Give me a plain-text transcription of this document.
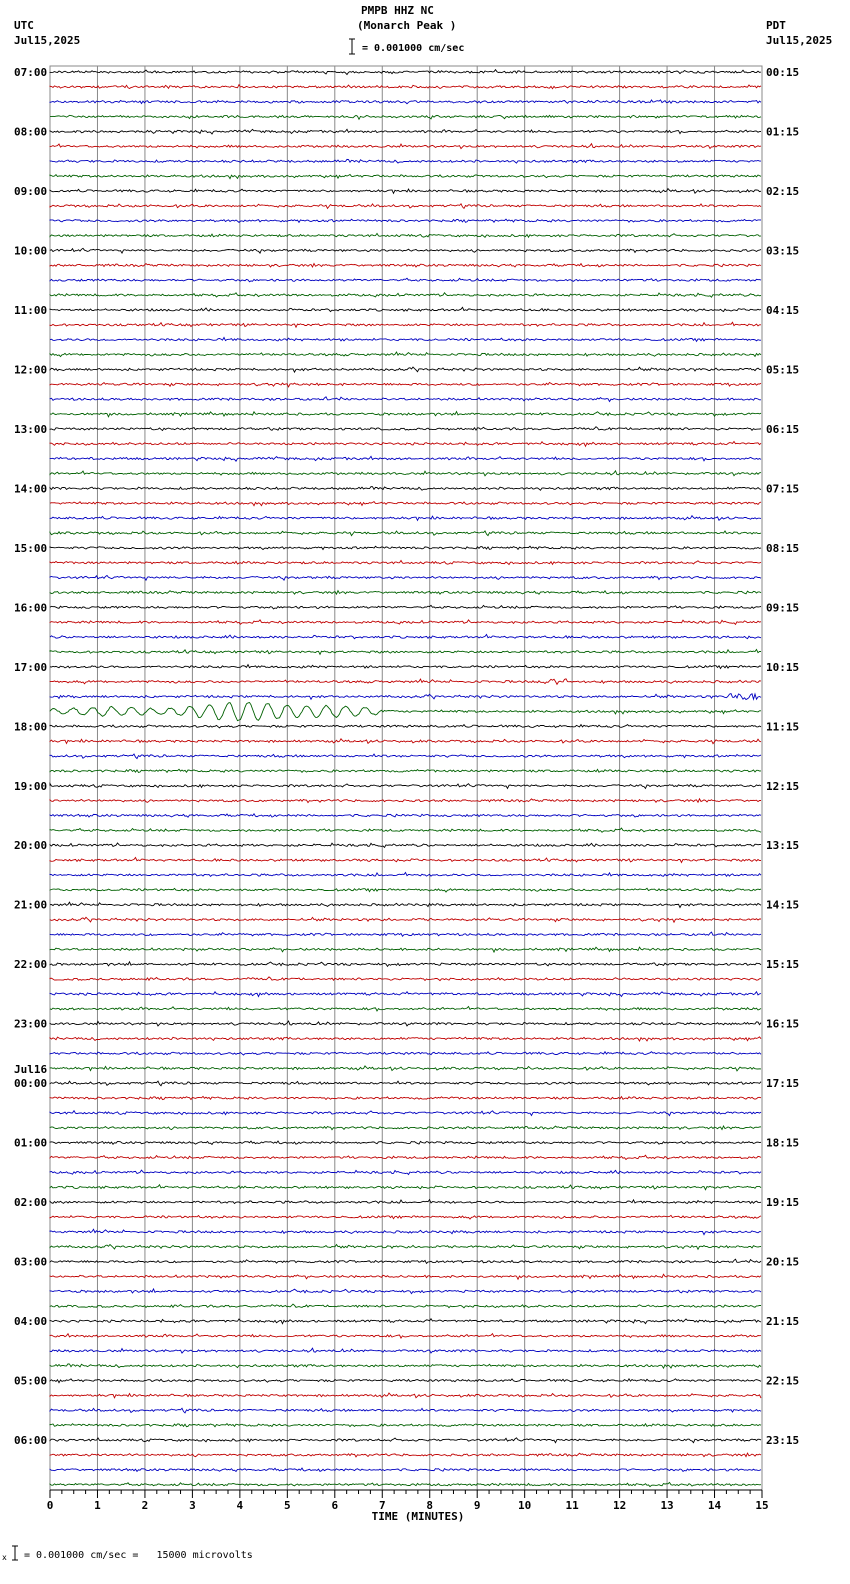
PMPB HHZ NC
(Monarch Peak )
= 0.001000 cm/sec
UTC
Jul15,2025
PDT
Jul15,2025
0	1	2	3	4	5	6	7	8	9	10	11	12	13	14	15
TIME (MINUTES)
07:00
08:00
09:00
10:00
11:00
12:00
13:00
14:00
15:00
16:00
17:00
18:00
19:00
20:00
21:00
22:00
23:00
00:00
Jul16
01:00
02:00
03:00
04:00
05:00
06:00
00:15
01:15
02:15
03:15
04:15
05:15
06:15
07:15
08:15
09:15
10:15
11:15
12:15
13:15
14:15
15:15
16:15
17:15
18:15
19:15
20:15
21:15
22:15
23:15
x = 0.001000 cm/sec =   15000 microvolts
